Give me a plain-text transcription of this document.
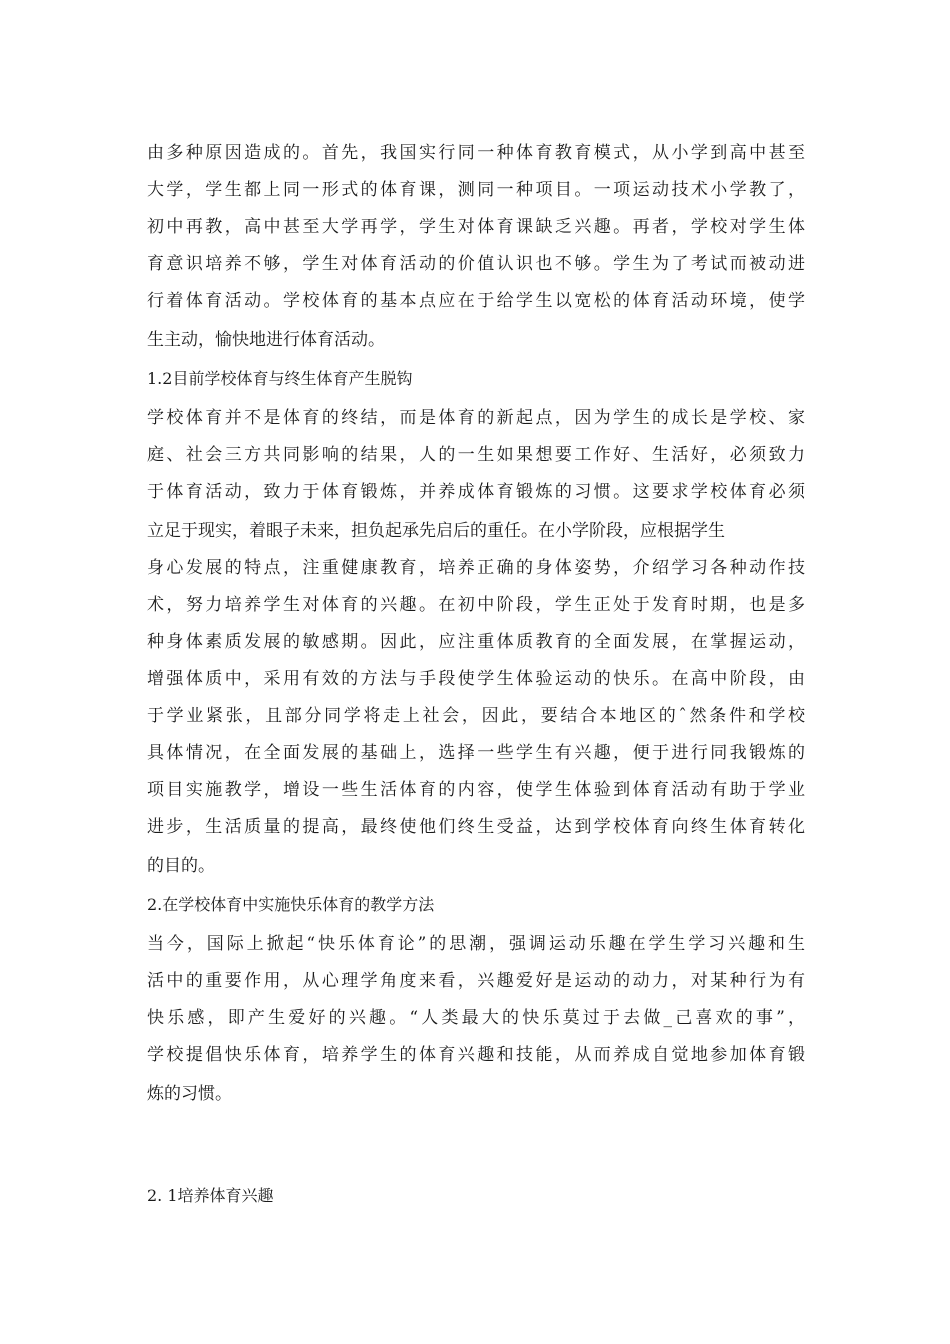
由多种原因造成的。首先，我国实行同一种体育教育模式，从小学到高中甚至
大学，学生都上同一形式的体育课，测同一种项目。一项运动技术小学教了，
初中再教，高中甚至大学再学，学生对体育课缺乏兴趣。再者，学校对学生体
育意识培养不够，学生对体育活动的价值认识也不够。学生为了考试而被动进
行着体育活动。学校体育的基本点应在于给学生以宽松的体育活动环境，使学
生主动，愉快地进行体育活动。
1.2目前学校体育与终生体育产生脱钩
学校体育并不是体育的终结，而是体育的新起点，因为学生的成长是学校、家
庭、社会三方共同影响的结果，人的一生如果想要工作好、生活好，必须致力
于体育活动，致力于体育锻炼，并养成体育锻炼的习惯。这要求学校体育必须
立足于现实，着眼子未来，担负起承先启后的重任。在小学阶段，应根据学生
身心发展的特点，注重健康教育，培养正确的身体姿势，介绍学习各种动作技
术，努力培养学生对体育的兴趣。在初中阶段，学生正处于发育时期，也是多
种身体素质发展的敏感期。因此，应注重体质教育的全面发展，在掌握运动，
增强体质中，采用有效的方法与手段使学生体验运动的快乐。在高中阶段，由
于学业紧张，且部分同学将走上社会，因此，要结合本地区的ˆ然条件和学校
具体情况，在全面发展的基础上，选择一些学生有兴趣，便于进行同我锻炼的
项目实施教学，增设一些生活体育的内容，使学生体验到体育活动有助于学业
进步，生活质量的提高，最终使他们终生受益，达到学校体育向终生体育转化
的目的。
2.在学校体育中实施快乐体育的教学方法
当今，国际上掀起“快乐体育论”的思潮，强调运动乐趣在学生学习兴趣和生
活中的重要作用，从心理学角度来看，兴趣爱好是运动的动力，对某种行为有
快乐感，即产生爱好的兴趣。“人类最大的快乐莫过于去做_己喜欢的事”，
学校提倡快乐体育，培养学生的体育兴趣和技能，从而养成自觉地参加体育锻
炼的习惯。
2. 1培养体育兴趣
